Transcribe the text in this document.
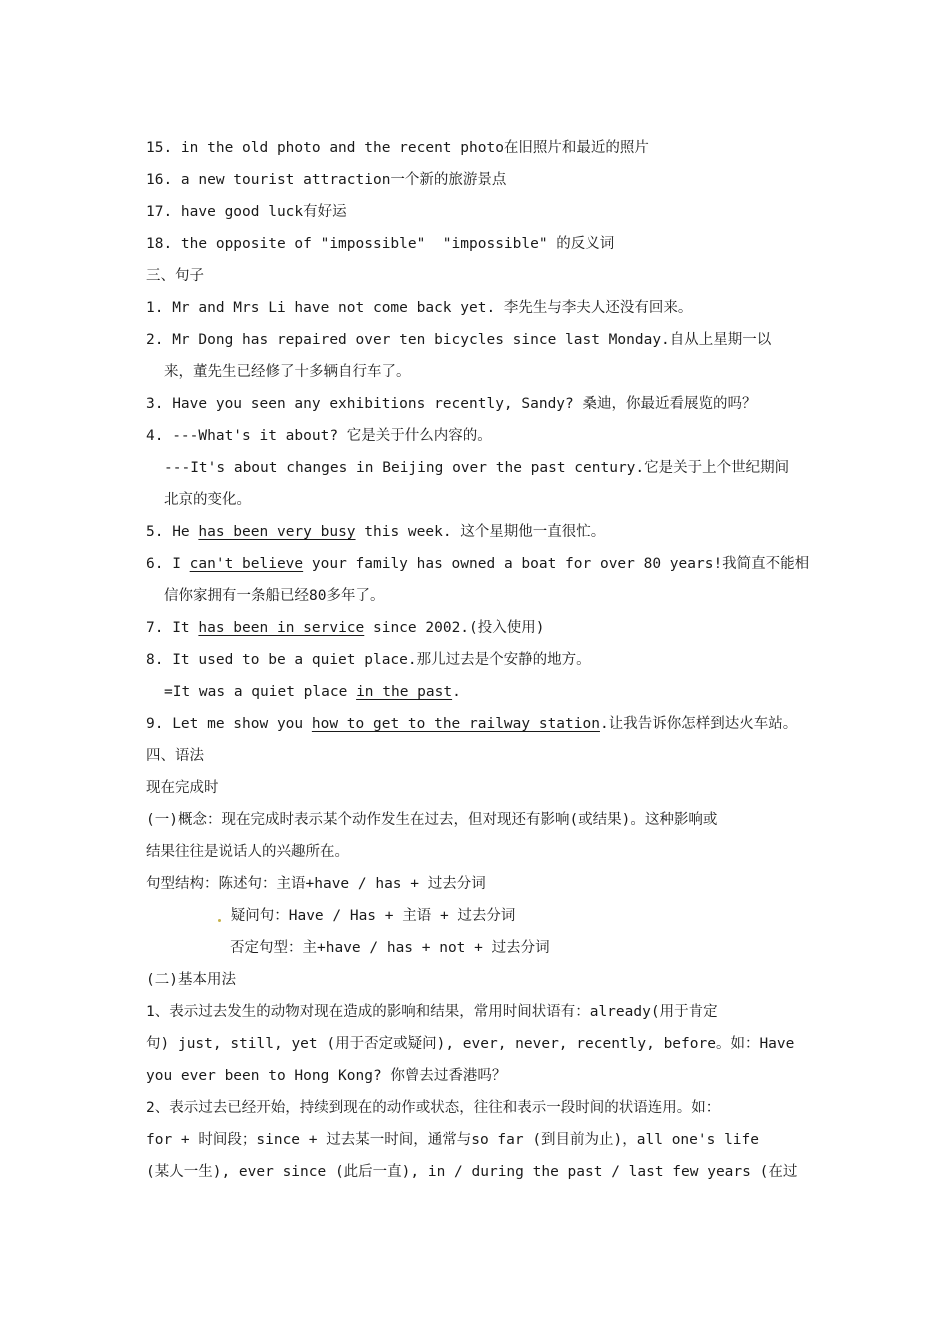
15. in the old photo and the recent photo在旧照片和最近的照片
16. a new tourist attraction一个新的旅游景点
17. have good luck有好运
18. the opposite of "impossible"  "impossible" 的反义词
三、句子
1. Mr and Mrs Li have not come back yet. 李先生与李夫人还没有回来。
2. Mr Dong has repaired over ten bicycles since last Monday.自从上星期一以
来，董先生已经修了十多辆自行车了。
3. Have you seen any exhibitions recently, Sandy? 桑迪，你最近看展览的吗？
4. ---What's it about? 它是关于什么内容的。
---It's about changes in Beijing over the past century.它是关于上个世纪期间
北京的变化。
5. He has been very busy this week. 这个星期他一直很忙。
6. I can't believe your family has owned a boat for over 80 years!我简直不能相
信你家拥有一条船已经80多年了。
7. It has been in service since 2002.(投入使用)
8. It used to be a quiet place.那儿过去是个安静的地方。
=It was a quiet place in the past.
9. Let me show you how to get to the railway station.让我告诉你怎样到达火车站。
四、语法
现在完成时
(一)概念：现在完成时表示某个动作发生在过去，但对现还有影响(或结果)。这种影响或
结果往往是说话人的兴趣所在。
句型结构：陈述句：主语+have / has + 过去分词
疑问句：Have / Has + 主语 + 过去分词
否定句型：主+have / has + not + 过去分词
(二)基本用法
1、表示过去发生的动物对现在造成的影响和结果，常用时间状语有：already(用于肯定
句) just, still, yet (用于否定或疑问), ever, never, recently, before。如：Have
you ever been to Hong Kong? 你曾去过香港吗？
2、表示过去已经开始，持续到现在的动作或状态，往往和表示一段时间的状语连用。如：
for + 时间段；since + 过去某一时间，通常与so far (到目前为止)，all one's life
(某人一生), ever since (此后一直), in / during the past / last few years (在过
